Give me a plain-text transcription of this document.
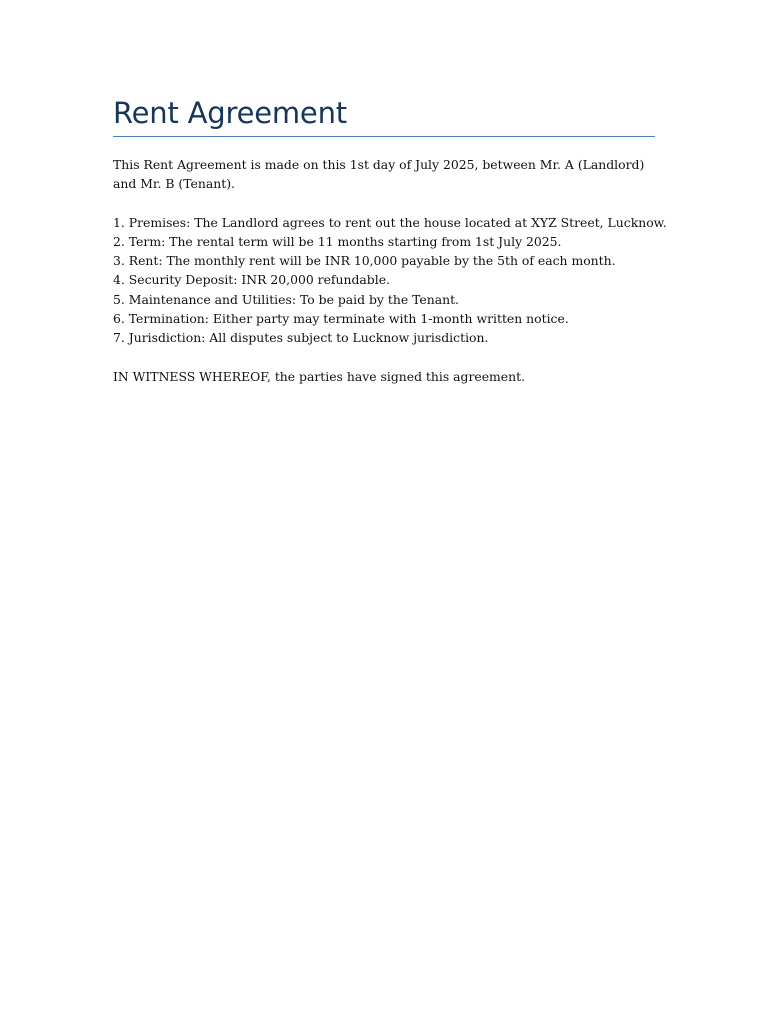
Rent Agreement

This Rent Agreement is made on this 1st day of July 2025, between Mr. A (Landlord) and Mr. B (Tenant).

1. Premises: The Landlord agrees to rent out the house located at XYZ Street, Lucknow.
2. Term: The rental term will be 11 months starting from 1st July 2025.
3. Rent: The monthly rent will be INR 10,000 payable by the 5th of each month.
4. Security Deposit: INR 20,000 refundable.
5. Maintenance and Utilities: To be paid by the Tenant.
6. Termination: Either party may terminate with 1-month written notice.
7. Jurisdiction: All disputes subject to Lucknow jurisdiction.

IN WITNESS WHEREOF, the parties have signed this agreement.
